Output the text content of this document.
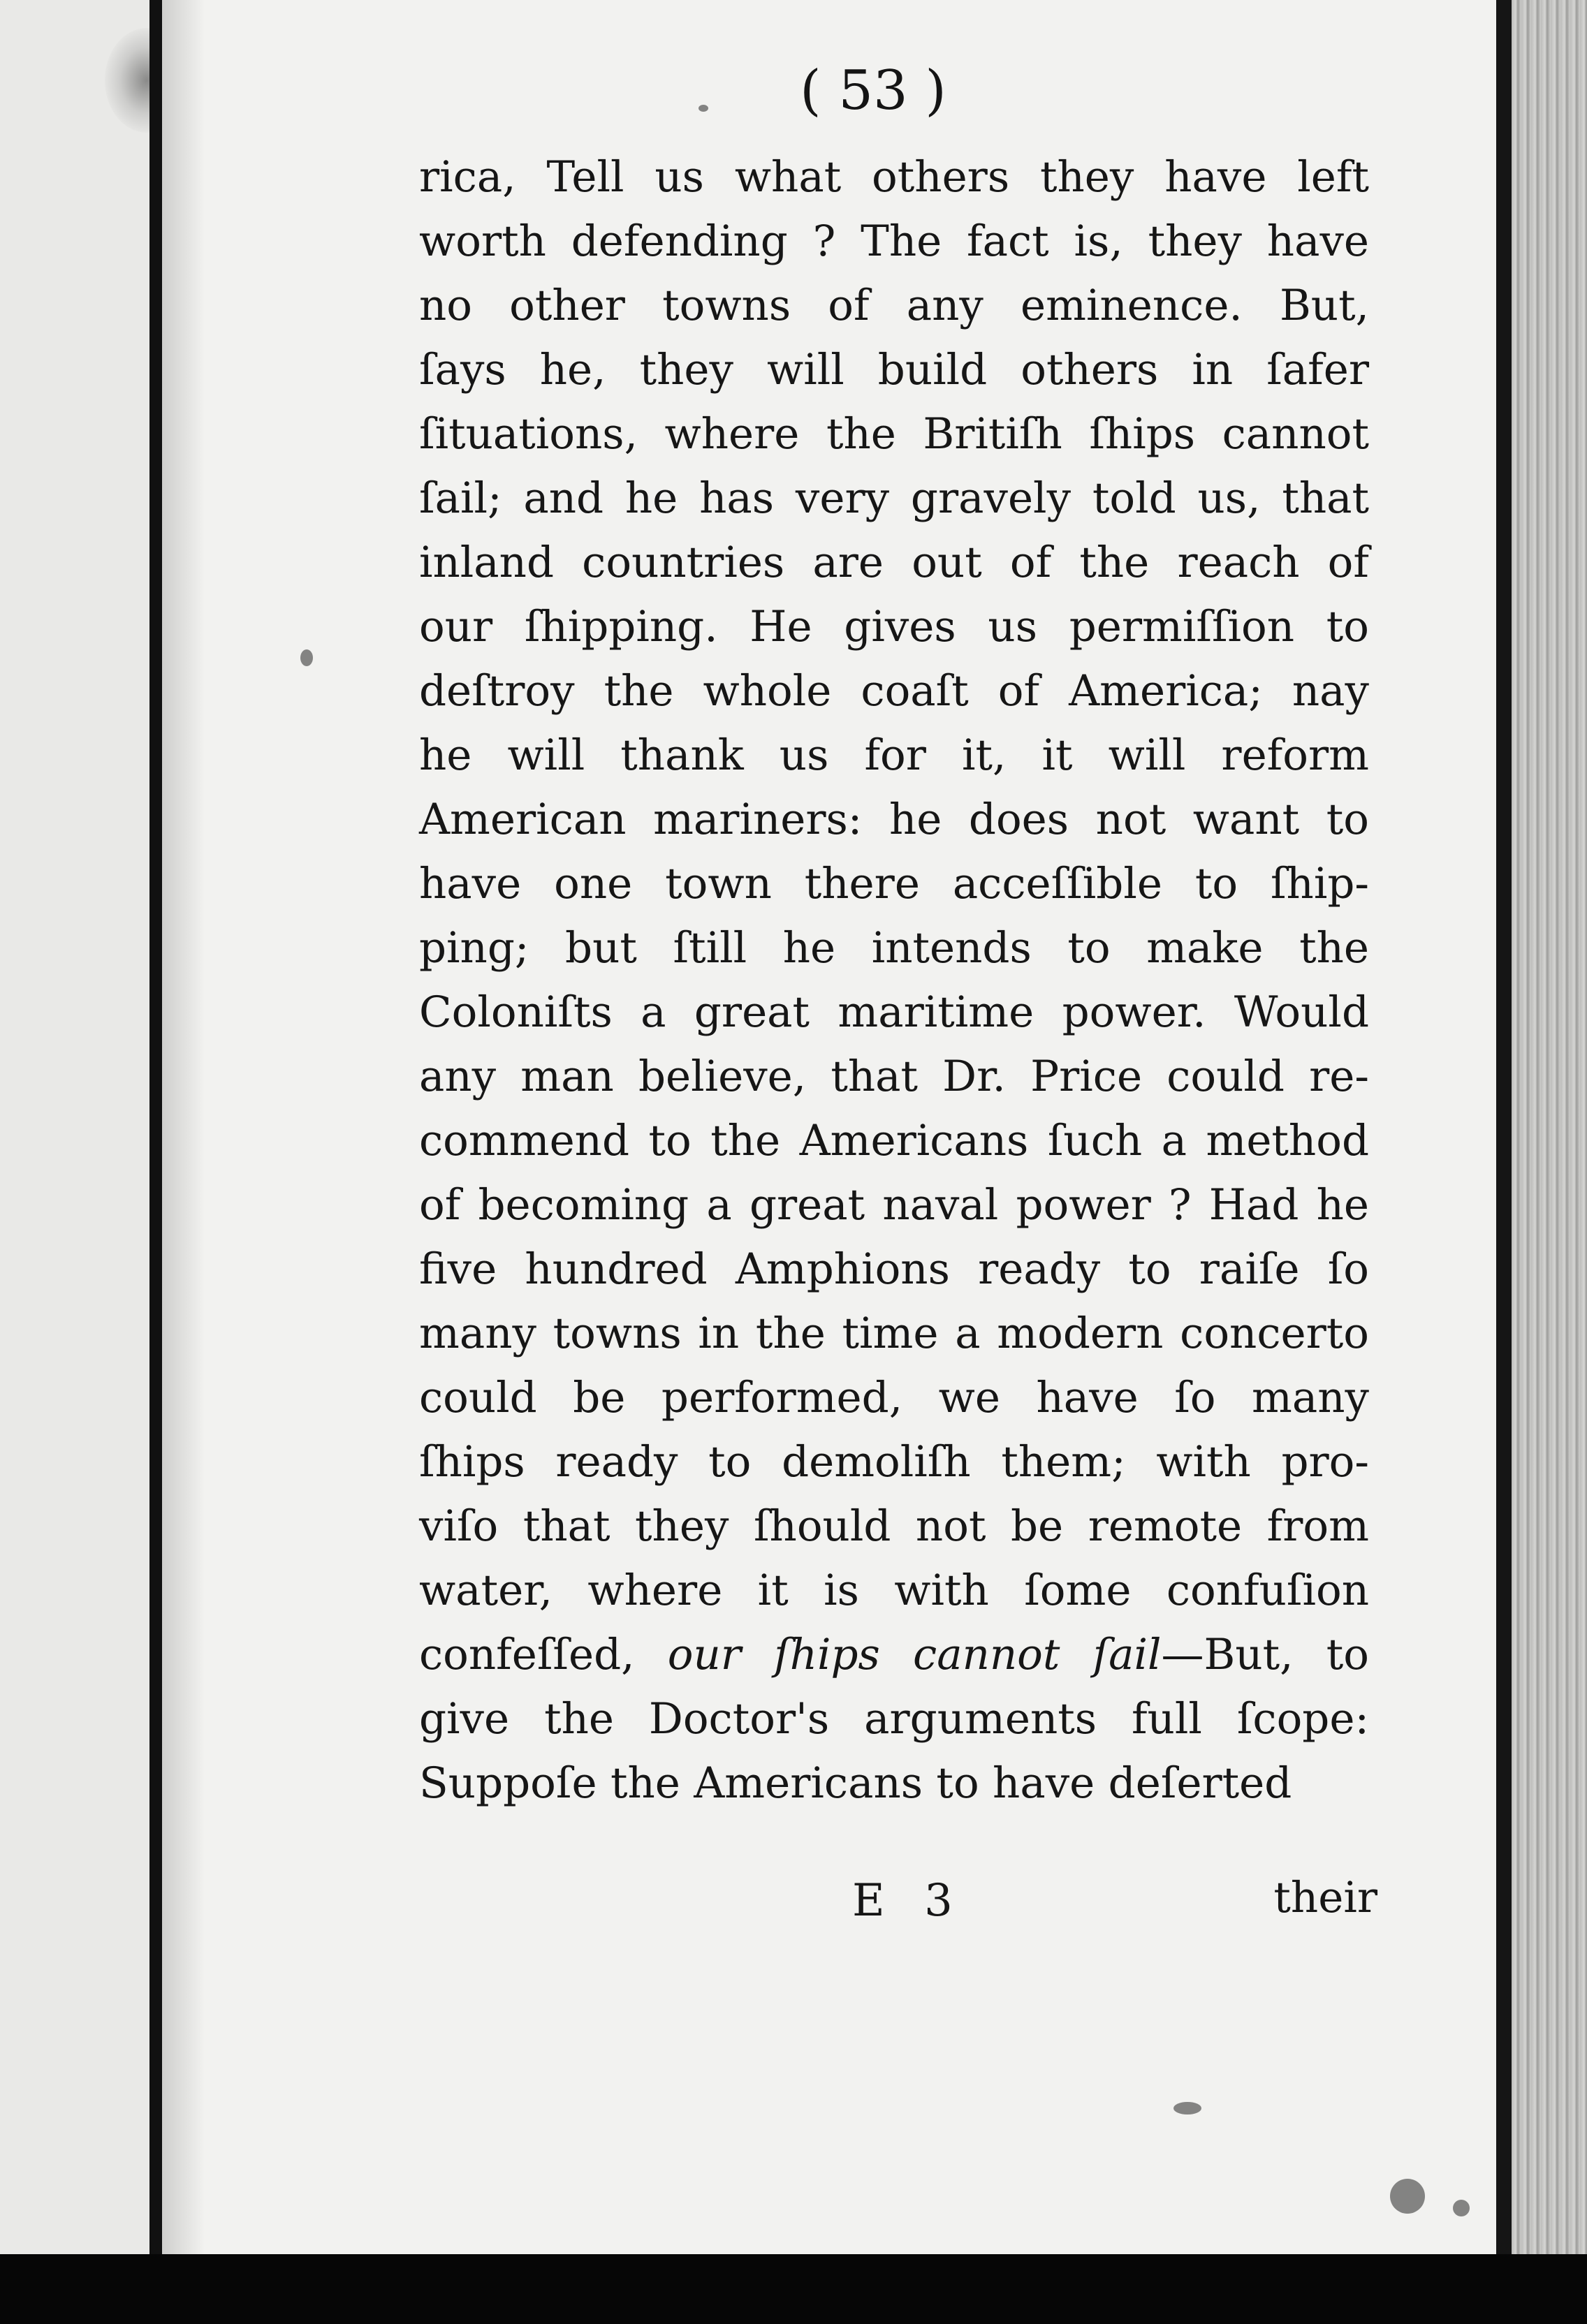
( 53 )
rica, Tell us what others they have left
worth defending ? The fact is, they have
no other towns of any eminence. But,
ſays he, they will build others in ſafer
ſituations, where the Britiſh ſhips cannot
ſail; and he has very gravely told us, that
inland countries are out of the reach of
our ſhipping. He gives us permiſſion to
deſtroy the whole coaſt of America; nay
he will thank us for it, it will reform
American mariners: he does not want to
have one town there acceſſible to ſhip-
ping; but ſtill he intends to make the
Coloniſts a great maritime power. Would
any man believe, that Dr. Price could re-
commend to the Americans ſuch a method
of becoming a great naval power ? Had he
five hundred Amphions ready to raiſe ſo
many towns in the time a modern concerto
could be performed, we have ſo many
ſhips ready to demoliſh them; with pro-
viſo that they ſhould not be remote from
water, where it is with ſome confuſion
confeſſed, our ſhips cannot ſail—But, to
give the Doctor's arguments full ſcope:
Suppoſe the Americans to have deſerted
E 3	their
